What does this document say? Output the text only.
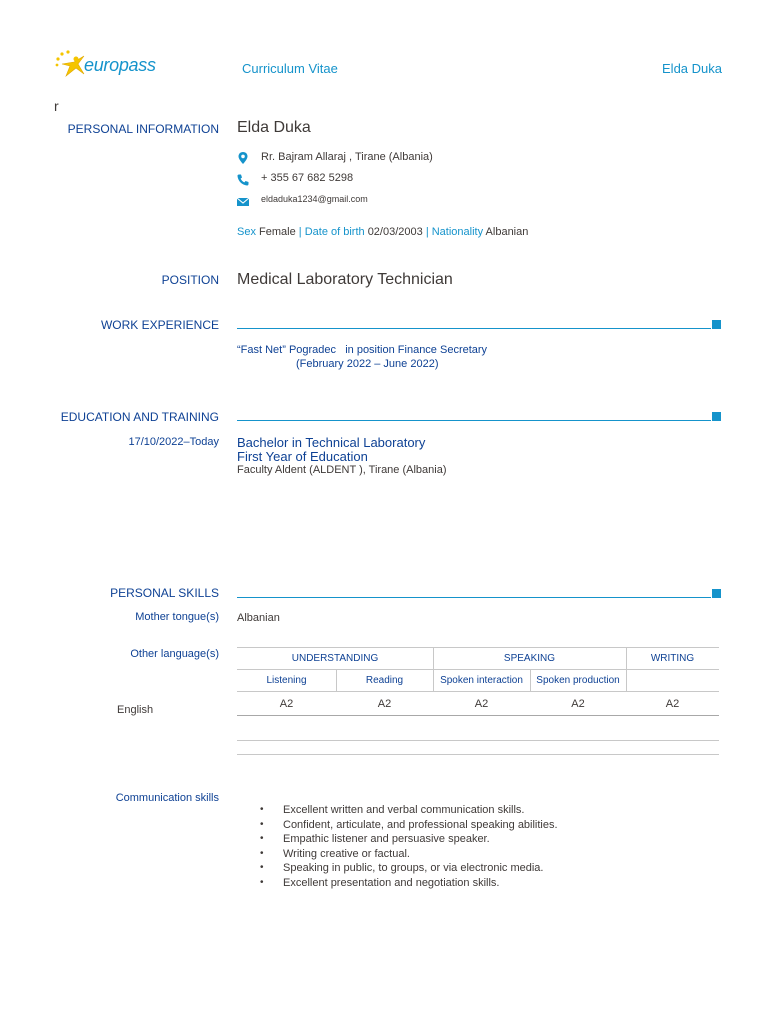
europass	Curriculum Vitae	Elda Duka
r
PERSONAL INFORMATION Elda Duka
Rr. Bajram Allaraj , Tirane (Albania)
+ 355 67 682 5298
eldaduka1234@gmail.com
Sex Female | Date of birth 02/03/2003 | Nationality Albanian
POSITION Medical Laboratory Technician
WORK EXPERIENCE
“Fast Net” Pogradec   in position Finance Secretary
(February 2022 – June 2022)
EDUCATION AND TRAINING
17/10/2022–Today Bachelor in Technical Laboratory
First Year of Education
Faculty Aldent (ALDENT ), Tirane (Albania)
PERSONAL SKILLS
Mother tongue(s) Albanian
Other language(s)	UNDERSTANDING	SPEAKING	WRITING
Listening	Reading	Spoken interaction	Spoken production
English	A2	A2	A2	A2	A2
Communication skills
• Excellent written and verbal communication skills.
• Confident, articulate, and professional speaking abilities.
• Empathic listener and persuasive speaker.
• Writing creative or factual.
• Speaking in public, to groups, or via electronic media.
• Excellent presentation and negotiation skills.
